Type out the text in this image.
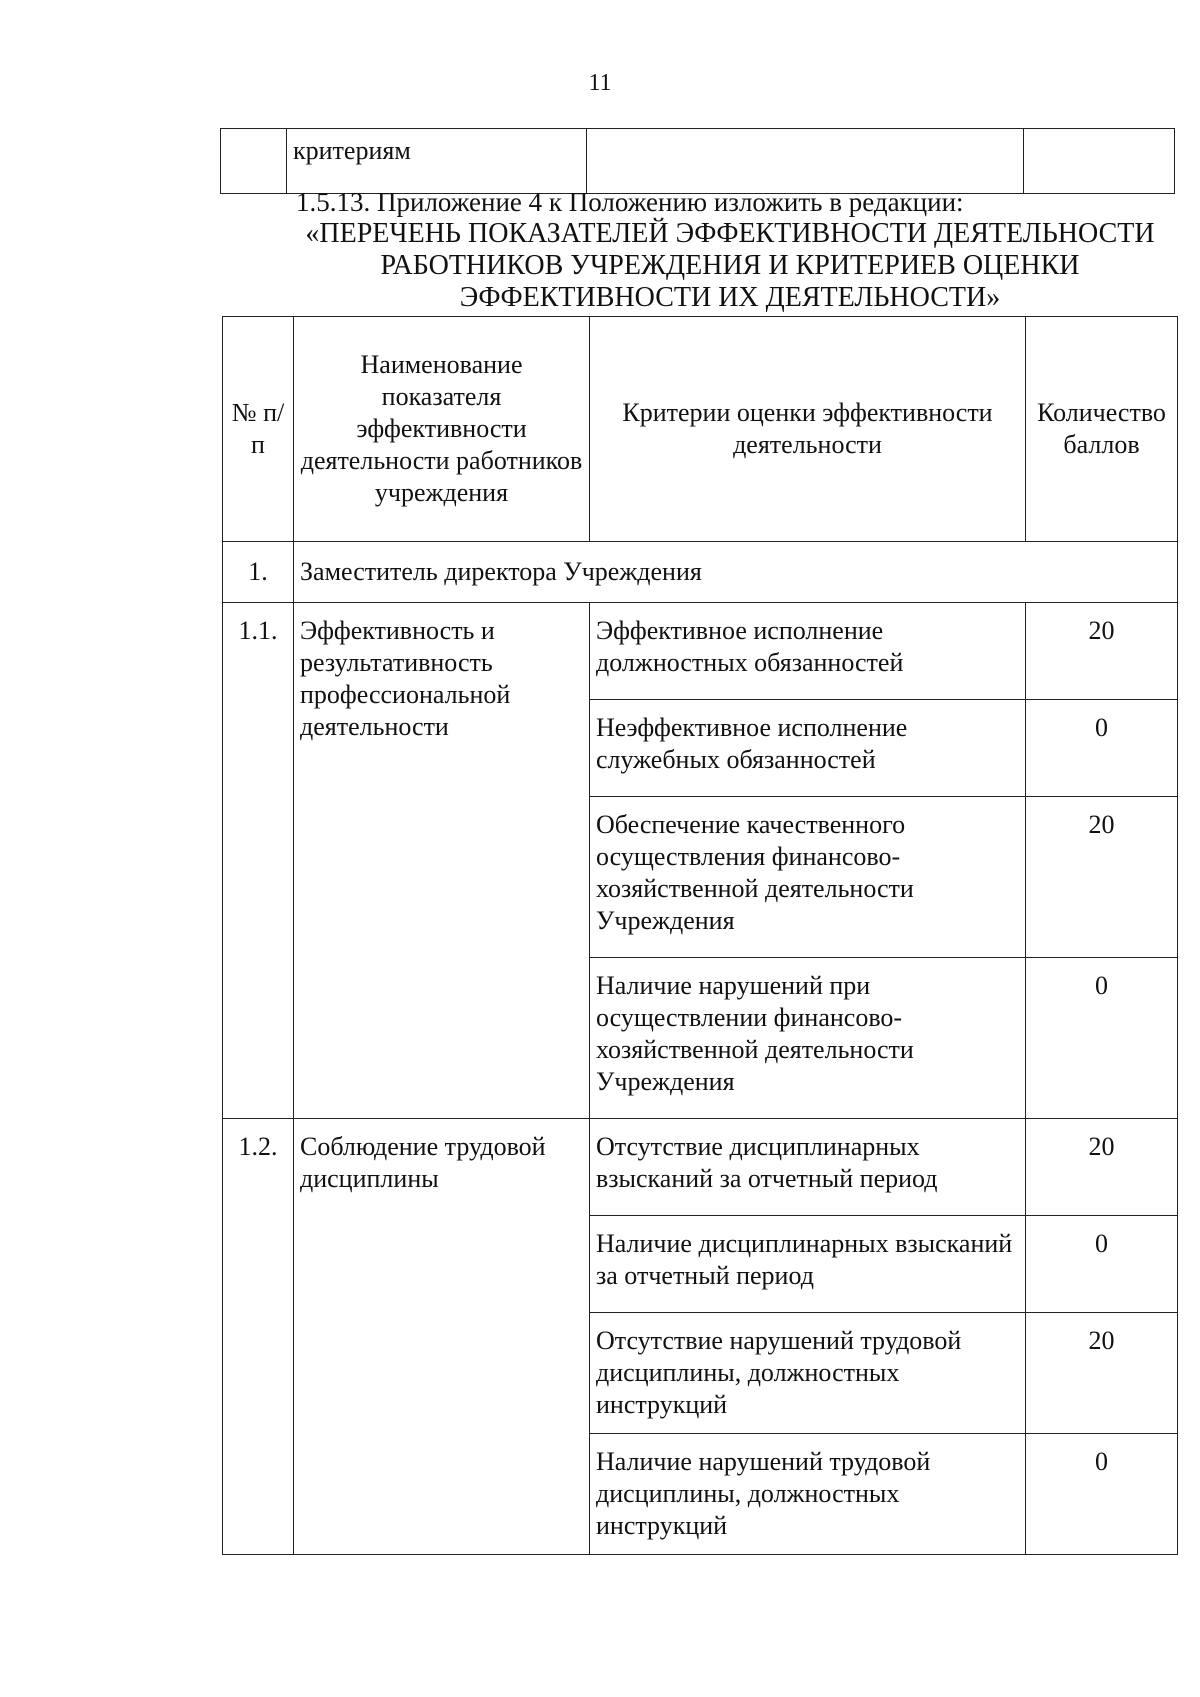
11
	критериям		
1.5.13. Приложение 4 к Положению изложить в редакции:
«ПЕРЕЧЕНЬ ПОКАЗАТЕЛЕЙ ЭФФЕКТИВНОСТИ ДЕЯТЕЛЬНОСТИ
РАБОТНИКОВ УЧРЕЖДЕНИЯ И КРИТЕРИЕВ ОЦЕНКИ
ЭФФЕКТИВНОСТИ ИХ ДЕЯТЕЛЬНОСТИ»
№ п/п	Наименование показателя эффективности деятельности работников учреждения	Критерии оценки эффективности деятельности	Количество баллов
1.	Заместитель директора Учреждения		
1.1.	Эффективность и результативность профессиональной деятельности	Эффективное исполнение должностных обязанностей	20
		Неэффективное исполнение служебных обязанностей	0
		Обеспечение качественного осуществления финансово-хозяйственной деятельности Учреждения	20
		Наличие нарушений при осуществлении финансово-хозяйственной деятельности Учреждения	0
1.2.	Соблюдение трудовой дисциплины	Отсутствие дисциплинарных взысканий за отчетный период	20
		Наличие дисциплинарных взысканий за отчетный период	0
		Отсутствие нарушений трудовой дисциплины, должностных инструкций	20
		Наличие нарушений трудовой дисциплины, должностных инструкций	0
